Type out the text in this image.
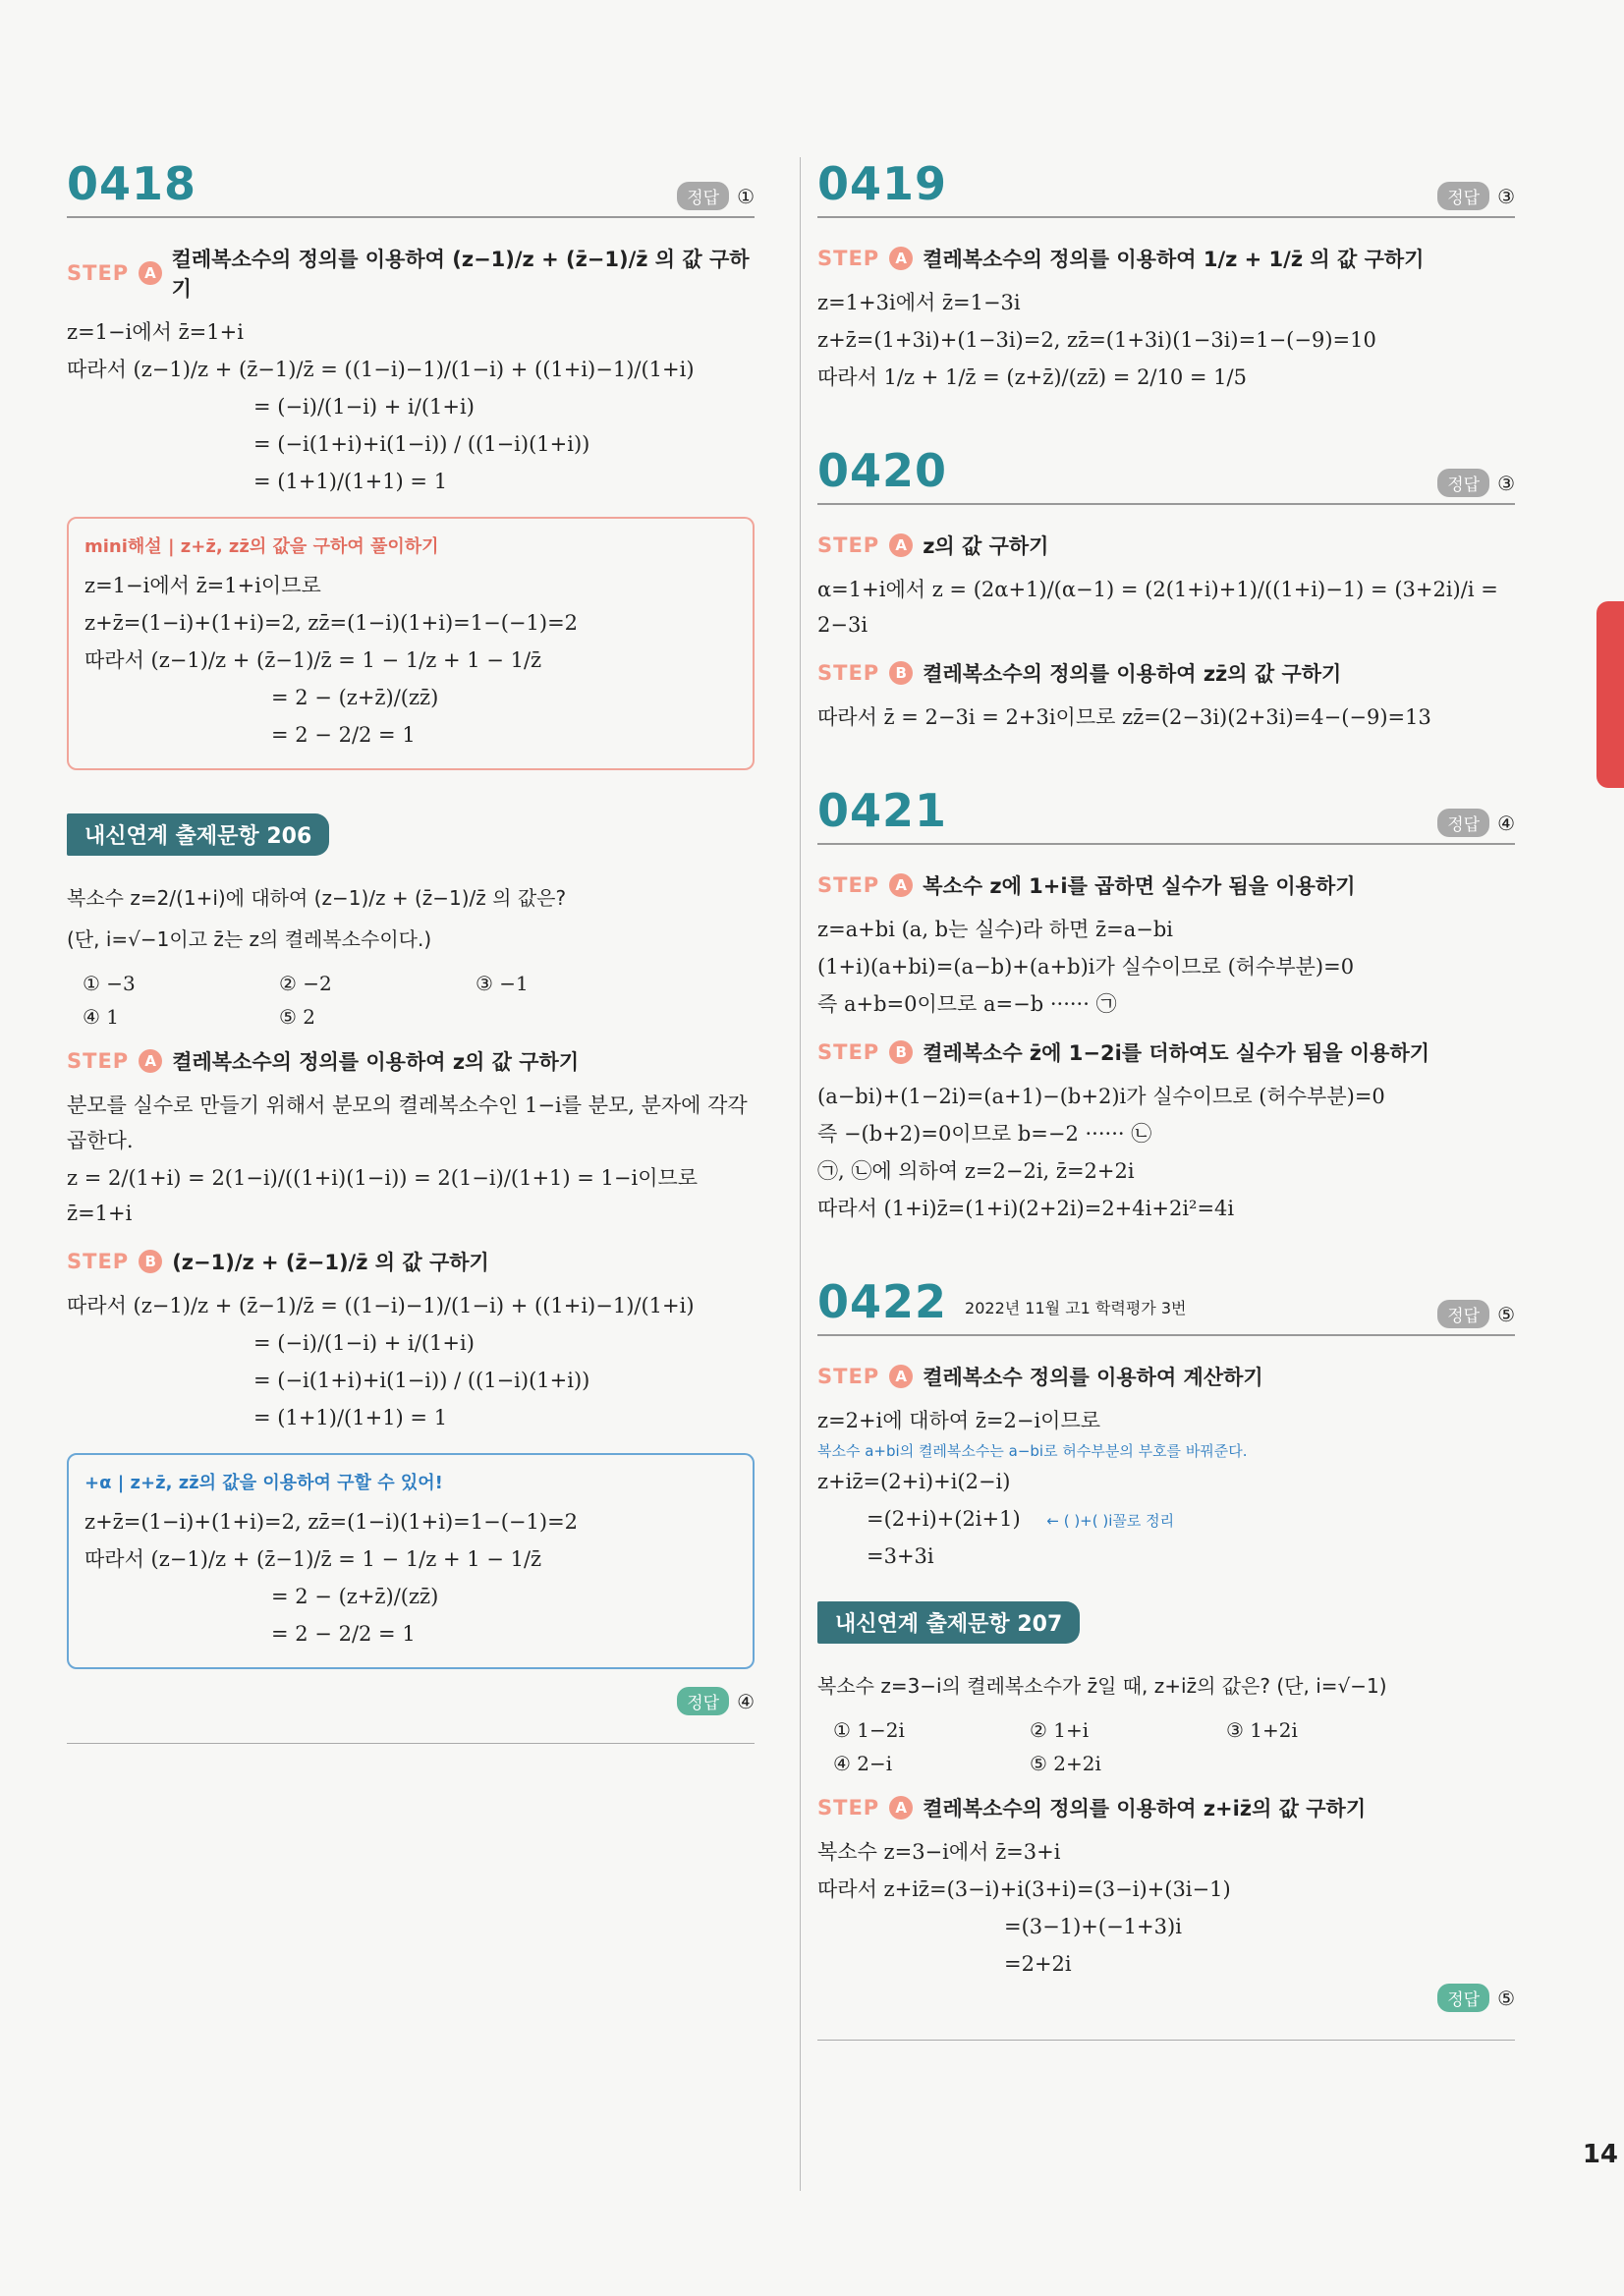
14
0418	정답 ①
STEP	A
컬레복소수의 정의를 이용하여 (z−1)/z + (z̄−1)/z̄ 의 값 구하기
z=1−i에서 z̄=1+i
따라서 (z−1)/z + (z̄−1)/z̄ = ((1−i)−1)/(1−i) + ((1+i)−1)/(1+i)
= (−i)/(1−i) + i/(1+i)
= (−i(1+i)+i(1−i)) / ((1−i)(1+i))
= (1+1)/(1+1) = 1
mini해설 | z+z̄, zz̄의 값을 구하여 풀이하기
z=1−i에서 z̄=1+i이므로
z+z̄=(1−i)+(1+i)=2, zz̄=(1−i)(1+i)=1−(−1)=2
따라서 (z−1)/z + (z̄−1)/z̄ = 1 − 1/z + 1 − 1/z̄
= 2 − (z+z̄)/(zz̄)
= 2 − 2/2 = 1
내신연계 출제문항 206
복소수 z=2/(1+i)에 대하여 (z−1)/z + (z̄−1)/z̄ 의 값은?
(단, i=√−1이고 z̄는 z의 켤레복소수이다.)
① −3	② −2	③ −1
④ 1	⑤ 2
STEP	A 켤레복소수의 정의를 이용하여 z의 값 구하기
분모를 실수로 만들기 위해서 분모의 켤레복소수인 1−i를 분모, 분자에 각각 곱한다.
z = 2/(1+i) = 2(1−i)/((1+i)(1−i)) = 2(1−i)/(1+1) = 1−i이므로 z̄=1+i
STEP	B (z−1)/z + (z̄−1)/z̄ 의 값 구하기
따라서 (z−1)/z + (z̄−1)/z̄ = ((1−i)−1)/(1−i) + ((1+i)−1)/(1+i)
= (−i)/(1−i) + i/(1+i)
= (−i(1+i)+i(1−i)) / ((1−i)(1+i))
= (1+1)/(1+1) = 1
+α | z+z̄, zz̄의 값을 이용하여 구할 수 있어!
z+z̄=(1−i)+(1+i)=2, zz̄=(1−i)(1+i)=1−(−1)=2
따라서 (z−1)/z + (z̄−1)/z̄ = 1 − 1/z + 1 − 1/z̄
= 2 − (z+z̄)/(zz̄)
= 2 − 2/2 = 1
정답 ④
0419	정답 ③
STEP	A 켤레복소수의 정의를 이용하여 1/z + 1/z̄ 의 값 구하기
z=1+3i에서 z̄=1−3i
z+z̄=(1+3i)+(1−3i)=2, zz̄=(1+3i)(1−3i)=1−(−9)=10
따라서 1/z + 1/z̄ = (z+z̄)/(zz̄) = 2/10 = 1/5
0420	정답 ③
STEP	A z의 값 구하기
α=1+i에서 z = (2α+1)/(α−1) = (2(1+i)+1)/((1+i)−1) = (3+2i)/i = 2−3i
STEP	B 켤레복소수의 정의를 이용하여 zz̄의 값 구하기
따라서 z̄ = 2−3i = 2+3i이므로 zz̄=(2−3i)(2+3i)=4−(−9)=13
0421	정답 ④
STEP	A 복소수 z에 1+i를 곱하면 실수가 됨을 이용하기
z=a+bi (a, b는 실수)라 하면 z̄=a−bi
(1+i)(a+bi)=(a−b)+(a+b)i가 실수이므로 (허수부분)=0
즉 a+b=0이므로 a=−b ······ ㉠
STEP	B 켤레복소수 z̄에 1−2i를 더하여도 실수가 됨을 이용하기
(a−bi)+(1−2i)=(a+1)−(b+2)i가 실수이므로 (허수부분)=0
즉 −(b+2)=0이므로 b=−2 ······ ㉡
㉠, ㉡에 의하여 z=2−2i, z̄=2+2i
따라서 (1+i)z̄=(1+i)(2+2i)=2+4i+2i²=4i
0422 2022년 11월 고1 학력평가 3번	정답 ⑤
STEP	A 켤레복소수 정의를 이용하여 계산하기
z=2+i에 대하여 z̄=2−i이므로
복소수 a+bi의 켤레복소수는 a−bi로 허수부분의 부호를 바꿔준다.
z+iz̄=(2+i)+i(2−i)
=(2+i)+(2i+1) ← ( )+( )i꼴로 정리
=3+3i
내신연계 출제문항 207
복소수 z=3−i의 켤레복소수가 z̄일 때, z+iz̄의 값은? (단, i=√−1)
① 1−2i	② 1+i	③ 1+2i
④ 2−i	⑤ 2+2i
STEP	A 켤레복소수의 정의를 이용하여 z+iz̄의 값 구하기
복소수 z=3−i에서 z̄=3+i
따라서 z+iz̄=(3−i)+i(3+i)=(3−i)+(3i−1)
=(3−1)+(−1+3)i
=2+2i
정답 ⑤
